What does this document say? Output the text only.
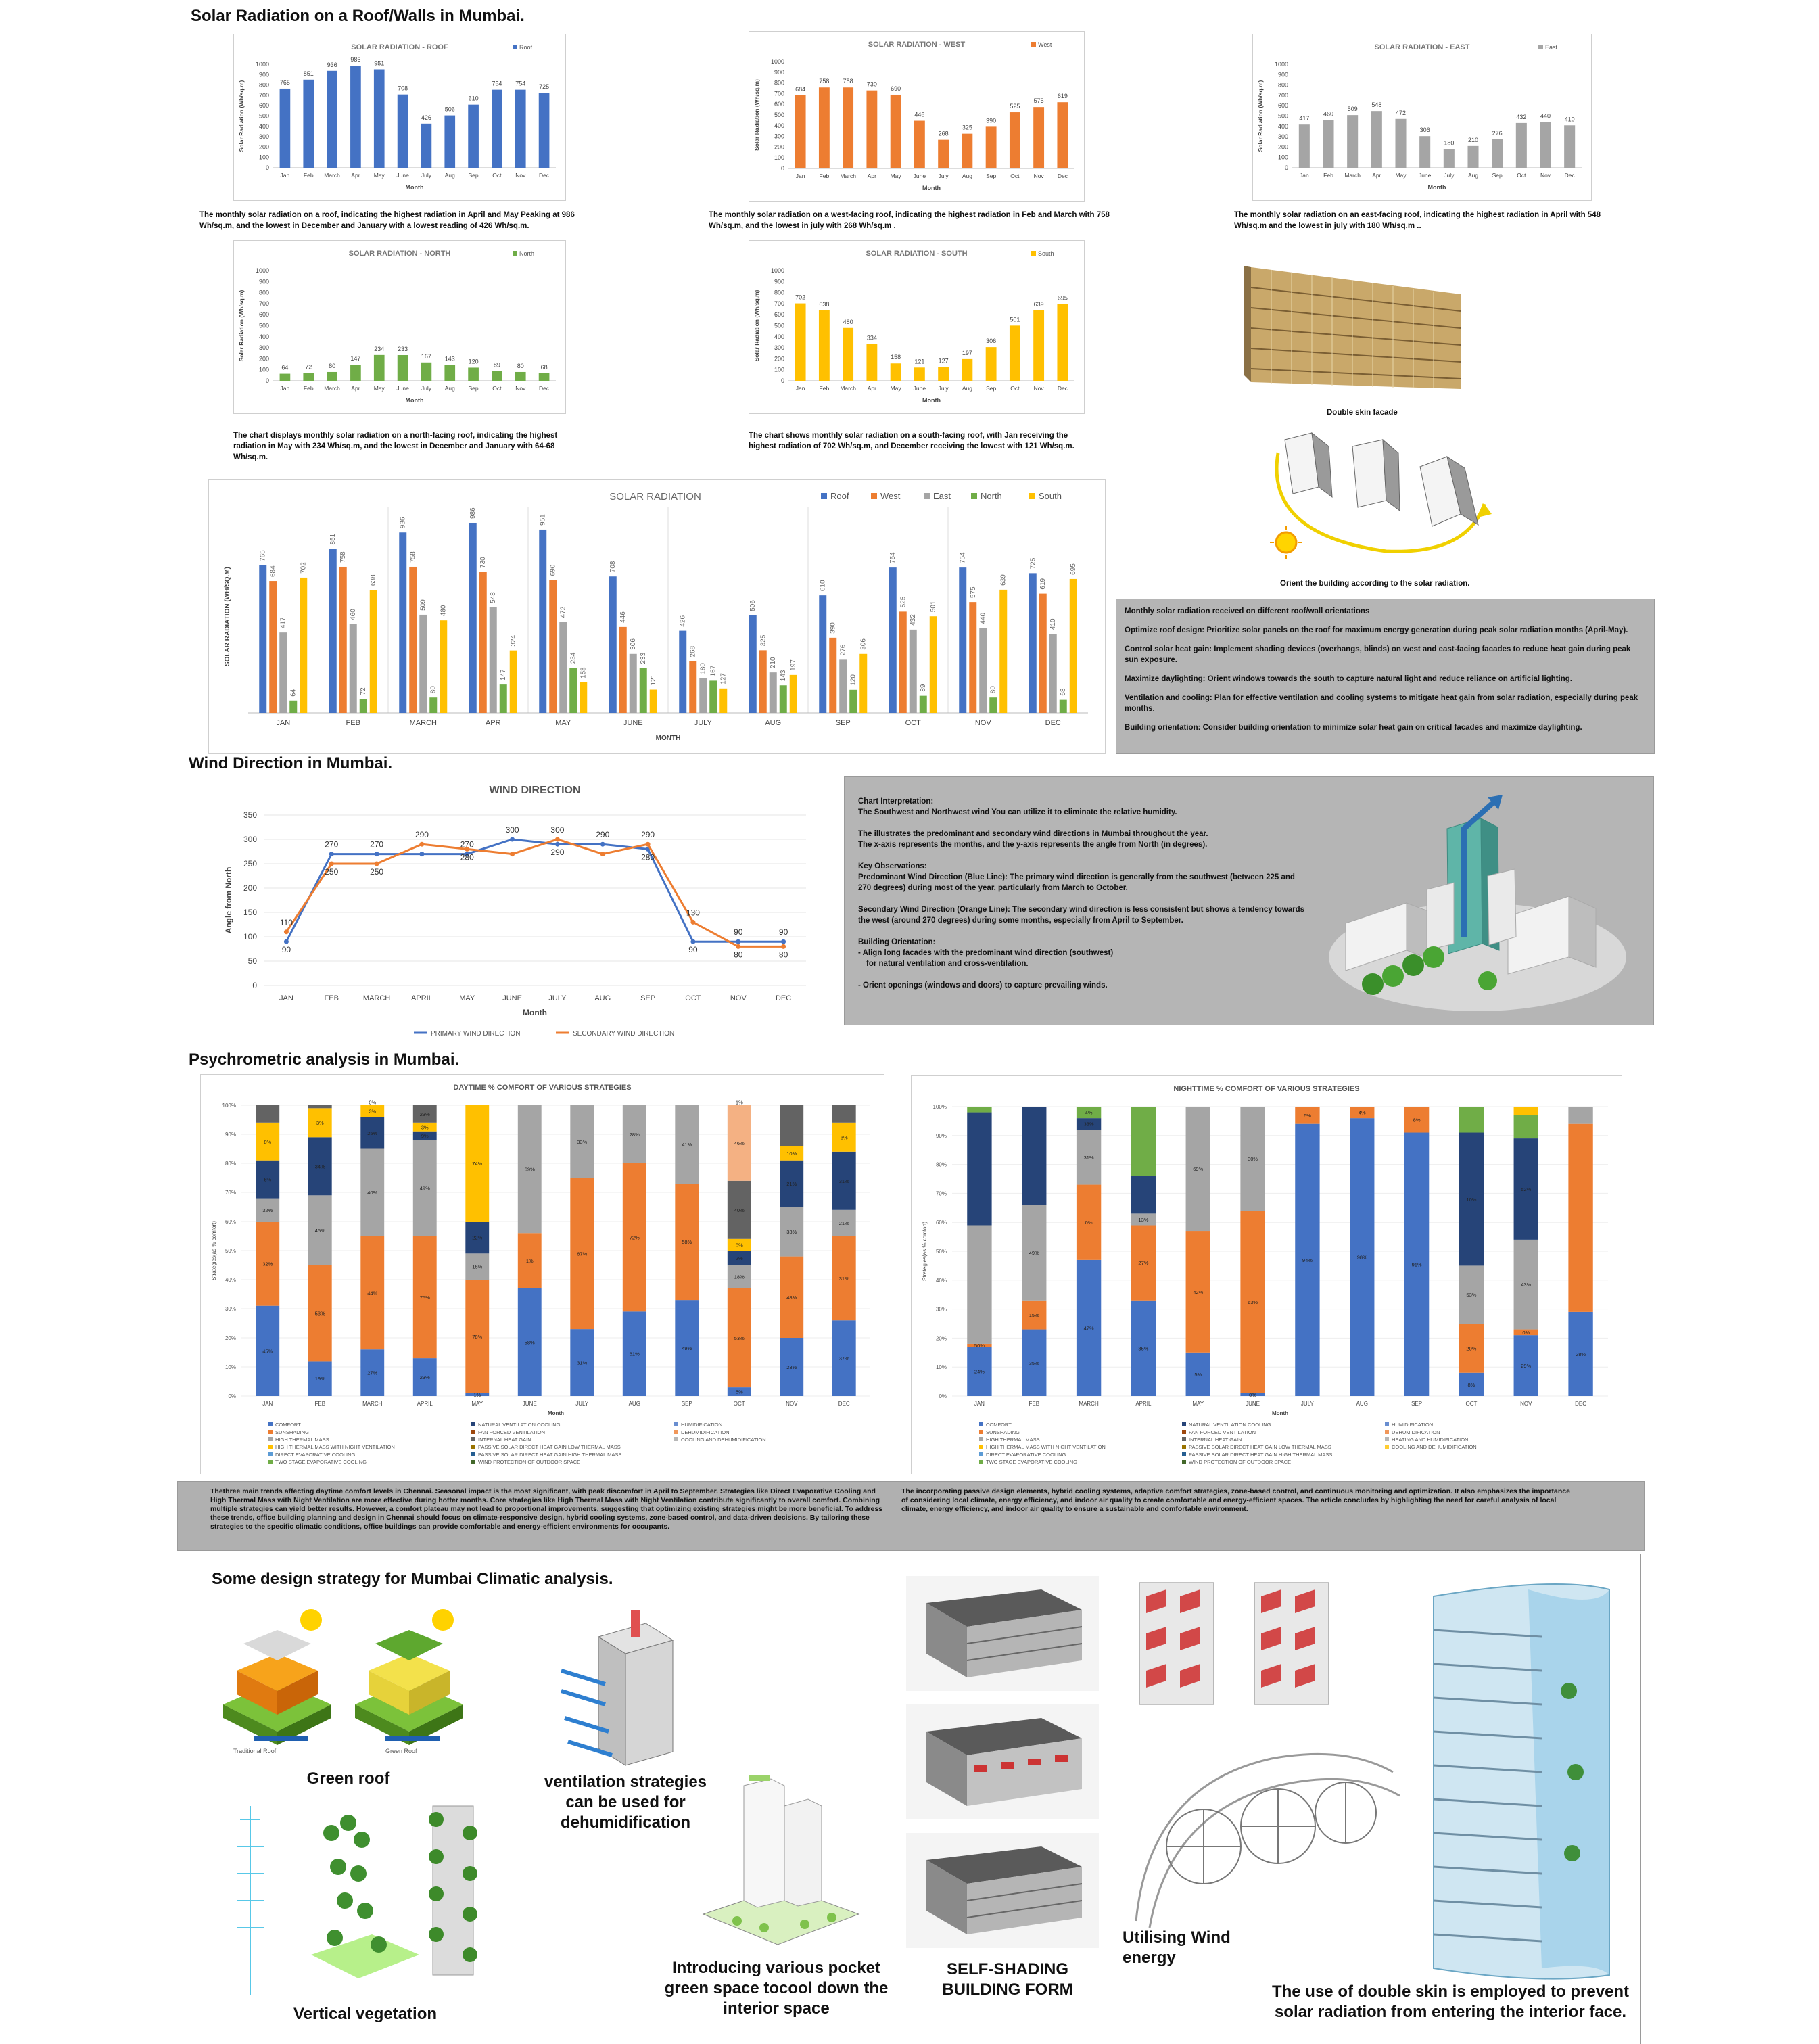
Solar Radiation on a Roof/Walls in Mumbai.
Wind Direction in Mumbai.
Psychrometric analysis in Mumbai.
Some design strategy for Mumbai Climatic analysis.
SOLAR RADIATION - ROOF	Roof
0
100
200
300
400
500
600
700
800
900
1000
765
Jan
851
Feb
936
March
986
Apr
951
May
708
June
426
July
506
Aug
610
Sep
754
Oct
754
Nov
725
Dec
Month
Solar Radiation (Wh/sq.m)
The monthly solar radiation on a roof, indicating the highest radiation in April and May Peaking at 986 Wh/sq.m, and the lowest in December and January with a lowest reading of 426 Wh/sq.m.
SOLAR RADIATION - WEST	West
0
100
200
300
400
500
600
700
800
900
1000
684
Jan
758
Feb
758
March
730
Apr
690
May
446
June
268
July
325
Aug
390
Sep
525
Oct
575
Nov
619
Dec
Month
Solar Radiation (Wh/sq.m)
The monthly solar radiation on a west-facing roof, indicating the highest radiation in Feb and March with 758 Wh/sq.m, and the lowest in july with 268 Wh/sq.m .
SOLAR RADIATION - EAST	East
0
100
200
300
400
500
600
700
800
900
1000
417
Jan
460
Feb
509
March
548
Apr
472
May
306
June
180
July
210
Aug
276
Sep
432
Oct
440
Nov
410
Dec
Month
Solar Radiation (Wh/sq.m)
The monthly solar radiation on an east-facing roof, indicating the highest radiation in April with 548 Wh/sq.m and the lowest in july with 180 Wh/sq.m ..
SOLAR RADIATION - NORTH	North
0
100
200
300
400
500
600
700
800
900
1000
64
Jan
72
Feb
80
March
147
Apr
234
May
233
June
167
July
143
Aug
120
Sep
89
Oct
80
Nov
68
Dec
Month
Solar Radiation (Wh/sq.m)
The chart displays monthly solar radiation on a north-facing roof, indicating the highest radiation in May with 234 Wh/sq.m, and the lowest in December and January with 64-68 Wh/sq.m.
SOLAR RADIATION - SOUTH	South
0
100
200
300
400
500
600
700
800
900
1000
702
Jan
638
Feb
480
March
334
Apr
158
May
121
June
127
July
197
Aug
306
Sep
501
Oct
639
Nov
695
Dec
Month
Solar Radiation (Wh/sq.m)
The chart shows monthly solar radiation on a south-facing roof, with Jan receiving the highest radiation of 702 Wh/sq.m, and December receiving the lowest with 121 Wh/sq.m.
Double skin facade
Orient the building according to the solar radiation.
SOLAR RADIATION	Roof	West	East	North	South
765
684
417
64
702
JAN
851
758
460
72
638
FEB
936
758
509
80
480
MARCH
986
730
548
147
324
APR
951
690
472
234
158
MAY
708
446
306
233
121
JUNE
426
268
180 167
127
JULY
506
325
210
143
197
AUG
610
390
276
120
306
SEP
754
525
432
89
501
OCT
754
575
440
80
639
NOV
725
619
410
68
695
DEC
MONTH
SOLAR RADIATION (WH/SQ.M)	Monthly solar radiation received on different roof/wall orientations

Optimize roof design: Prioritize solar panels on the roof for maximum energy generation during peak solar radiation months (April-May).

Control solar heat gain: Implement shading devices (overhangs, blinds) on west and east-facing facades to reduce heat gain during peak sun exposure.

Maximize daylighting: Orient windows towards the south to capture natural light and reduce reliance on artificial lighting.

Ventilation and cooling: Plan for effective ventilation and cooling systems to mitigate heat gain from solar radiation, especially during peak months.

Building orientation: Consider building orientation to minimize solar heat gain on critical facades and maximize daylighting.

WIND DIRECTION
0
50
100
150
200
250
300
350
110
90
270
250
270
250
290
270
280
300	300
290
290	290
280
130
90
90
80
90
80
JAN	FEB	MARCH	APRIL	MAY	JUNE	JULY	AUG	SEP	OCT	NOV	DEC
Month
Angle from North
PRIMARY WIND DIRECTION	SECONDARY WIND DIRECTION
Chart Interpretation:
The Southwest and Northwest wind You can utilize it to eliminate the relative humidity.
The illustrates the predominant and secondary wind directions in Mumbai throughout the year.
The x-axis represents the months, and the y-axis represents the angle from North (in degrees).
Key Observations:
Predominant Wind Direction (Blue Line): The primary wind direction is generally from the southwest (between 225 and 270 degrees) during most of the year, particularly from March to October.
Secondary Wind Direction (Orange Line): The secondary wind direction is less consistent but shows a tendency towards the west (around 270 degrees) during some months, especially from April to September.
Building Orientation:
- Align long facades with the predominant wind direction (southwest)
for natural ventilation and cross-ventilation.
- Orient openings (windows and doors) to capture prevailing winds.
DAYTIME % COMFORT OF VARIOUS STRATEGIES
0%
10%
20%
30%
40%
50%
60%
70%
80%
90%
100%
45%
32%
32%
6%
8%
JAN
19%
53%
45%
34%
3%
FEB
27%
44%
40%
25%
3%
0%
MARCH
23%
75%
49%
9%
3%
23%
APRIL
1%
78%
16%
22%
74%
MAY
58%
1%
69%
JUNE
31%
67%
33%
JULY
61%
72%
28%
AUG
49%
58%
41%
SEP
5%
53%
18%
2%
0%
40%
46%
1%
OCT
23%
48%
33%
21%
10%
NOV
37%
31%
21%
31%
3%
DEC
Month
Strategies(as % comfort)
COMFORT
SUNSHADING
HIGH THERMAL MASS
HIGH THERMAL MASS WITH NIGHT VENTILATION
DIRECT EVAPORATIVE COOLING
TWO STAGE EVAPORATIVE COOLING
NATURAL VENTILATION COOLING
FAN FORCED VENTILATION
INTERNAL HEAT GAIN
PASSIVE SOLAR DIRECT HEAT GAIN LOW THERMAL MASS
PASSIVE SOLAR DIRECT HEAT GAIN HIGH THERMAL MASS
WIND PROTECTION OF OUTDOOR SPACE
HUMIDIFICATION
DEHUMIDIFICATION
COOLING AND DEHUMIDIFICATION
NIGHTTIME % COMFORT OF VARIOUS STRATEGIES
0%
10%
20%
30%
40%
50%
60%
70%
80%
90%
100%
24%
50%
JAN
35%
15%
49%
FEB
47%
0%
31%
33%
4%
MARCH
35%
27%
13%
APRIL
5%
42%
69%
MAY
0%
63%
30%
JUNE
94%
6%
JULY
98%
4%
AUG
91%
8%
SEP
8%
20%
53%
10%
OCT
29%
0%
43%
52%
NOV
28%
DEC
Month
Strategies(as % comfort)
COMFORT
SUNSHADING
HIGH THERMAL MASS
HIGH THERMAL MASS WITH NIGHT VENTILATION
DIRECT EVAPORATIVE COOLING
TWO STAGE EVAPORATIVE COOLING
NATURAL VENTILATION COOLING
FAN FORCED VENTILATION
INTERNAL HEAT GAIN
PASSIVE SOLAR DIRECT HEAT GAIN LOW THERMAL MASS
PASSIVE SOLAR DIRECT HEAT GAIN HIGH THERMAL MASS
WIND PROTECTION OF OUTDOOR SPACE
HUMIDIFICATION
DEHUMIDIFICATION
HEATING AND HUMIDIFICATION
COOLING AND DEHUMIDIFICATION
Thethree main trends affecting daytime comfort levels in Chennai. Seasonal impact is the most significant, with peak discomfort in April to September. Strategies like Direct Evaporative Cooling and High Thermal Mass with Night Ventilation are more effective during hotter months. Core strategies like High Thermal Mass with Night Ventilation contribute significantly to overall comfort. Combining multiple strategies can yield better results. However, a comfort plateau may not lead to proportional improvements, suggesting that optimizing existing strategies might be more beneficial. To address these trends, office building planning and design in Chennai should focus on climate-responsive design, hybrid cooling systems, zone-based control, and data-driven decisions. By tailoring these strategies to the specific climatic conditions, office buildings can provide comfortable and energy-efficient environments for occupants.
The incorporating passive design elements, hybrid cooling systems, adaptive comfort strategies, zone-based control, and continuous monitoring and optimization. It also emphasizes the importance of considering local climate, energy efficiency, and indoor air quality to create comfortable and energy-efficient spaces. The article concludes by highlighting the need for careful analysis of local climate, energy efficiency, and indoor air quality to ensure a sustainable and comfortable environment.
Traditional Roof	Green Roof
Green roof	ventilation strategies can be used for dehumidification
Vertical vegetation
Introducing various pocket green space tocool down the interior space
SELF-SHADING BUILDING FORM
Utilising Wind energy
The use of double skin is employed to prevent solar radiation from entering the interior face.
